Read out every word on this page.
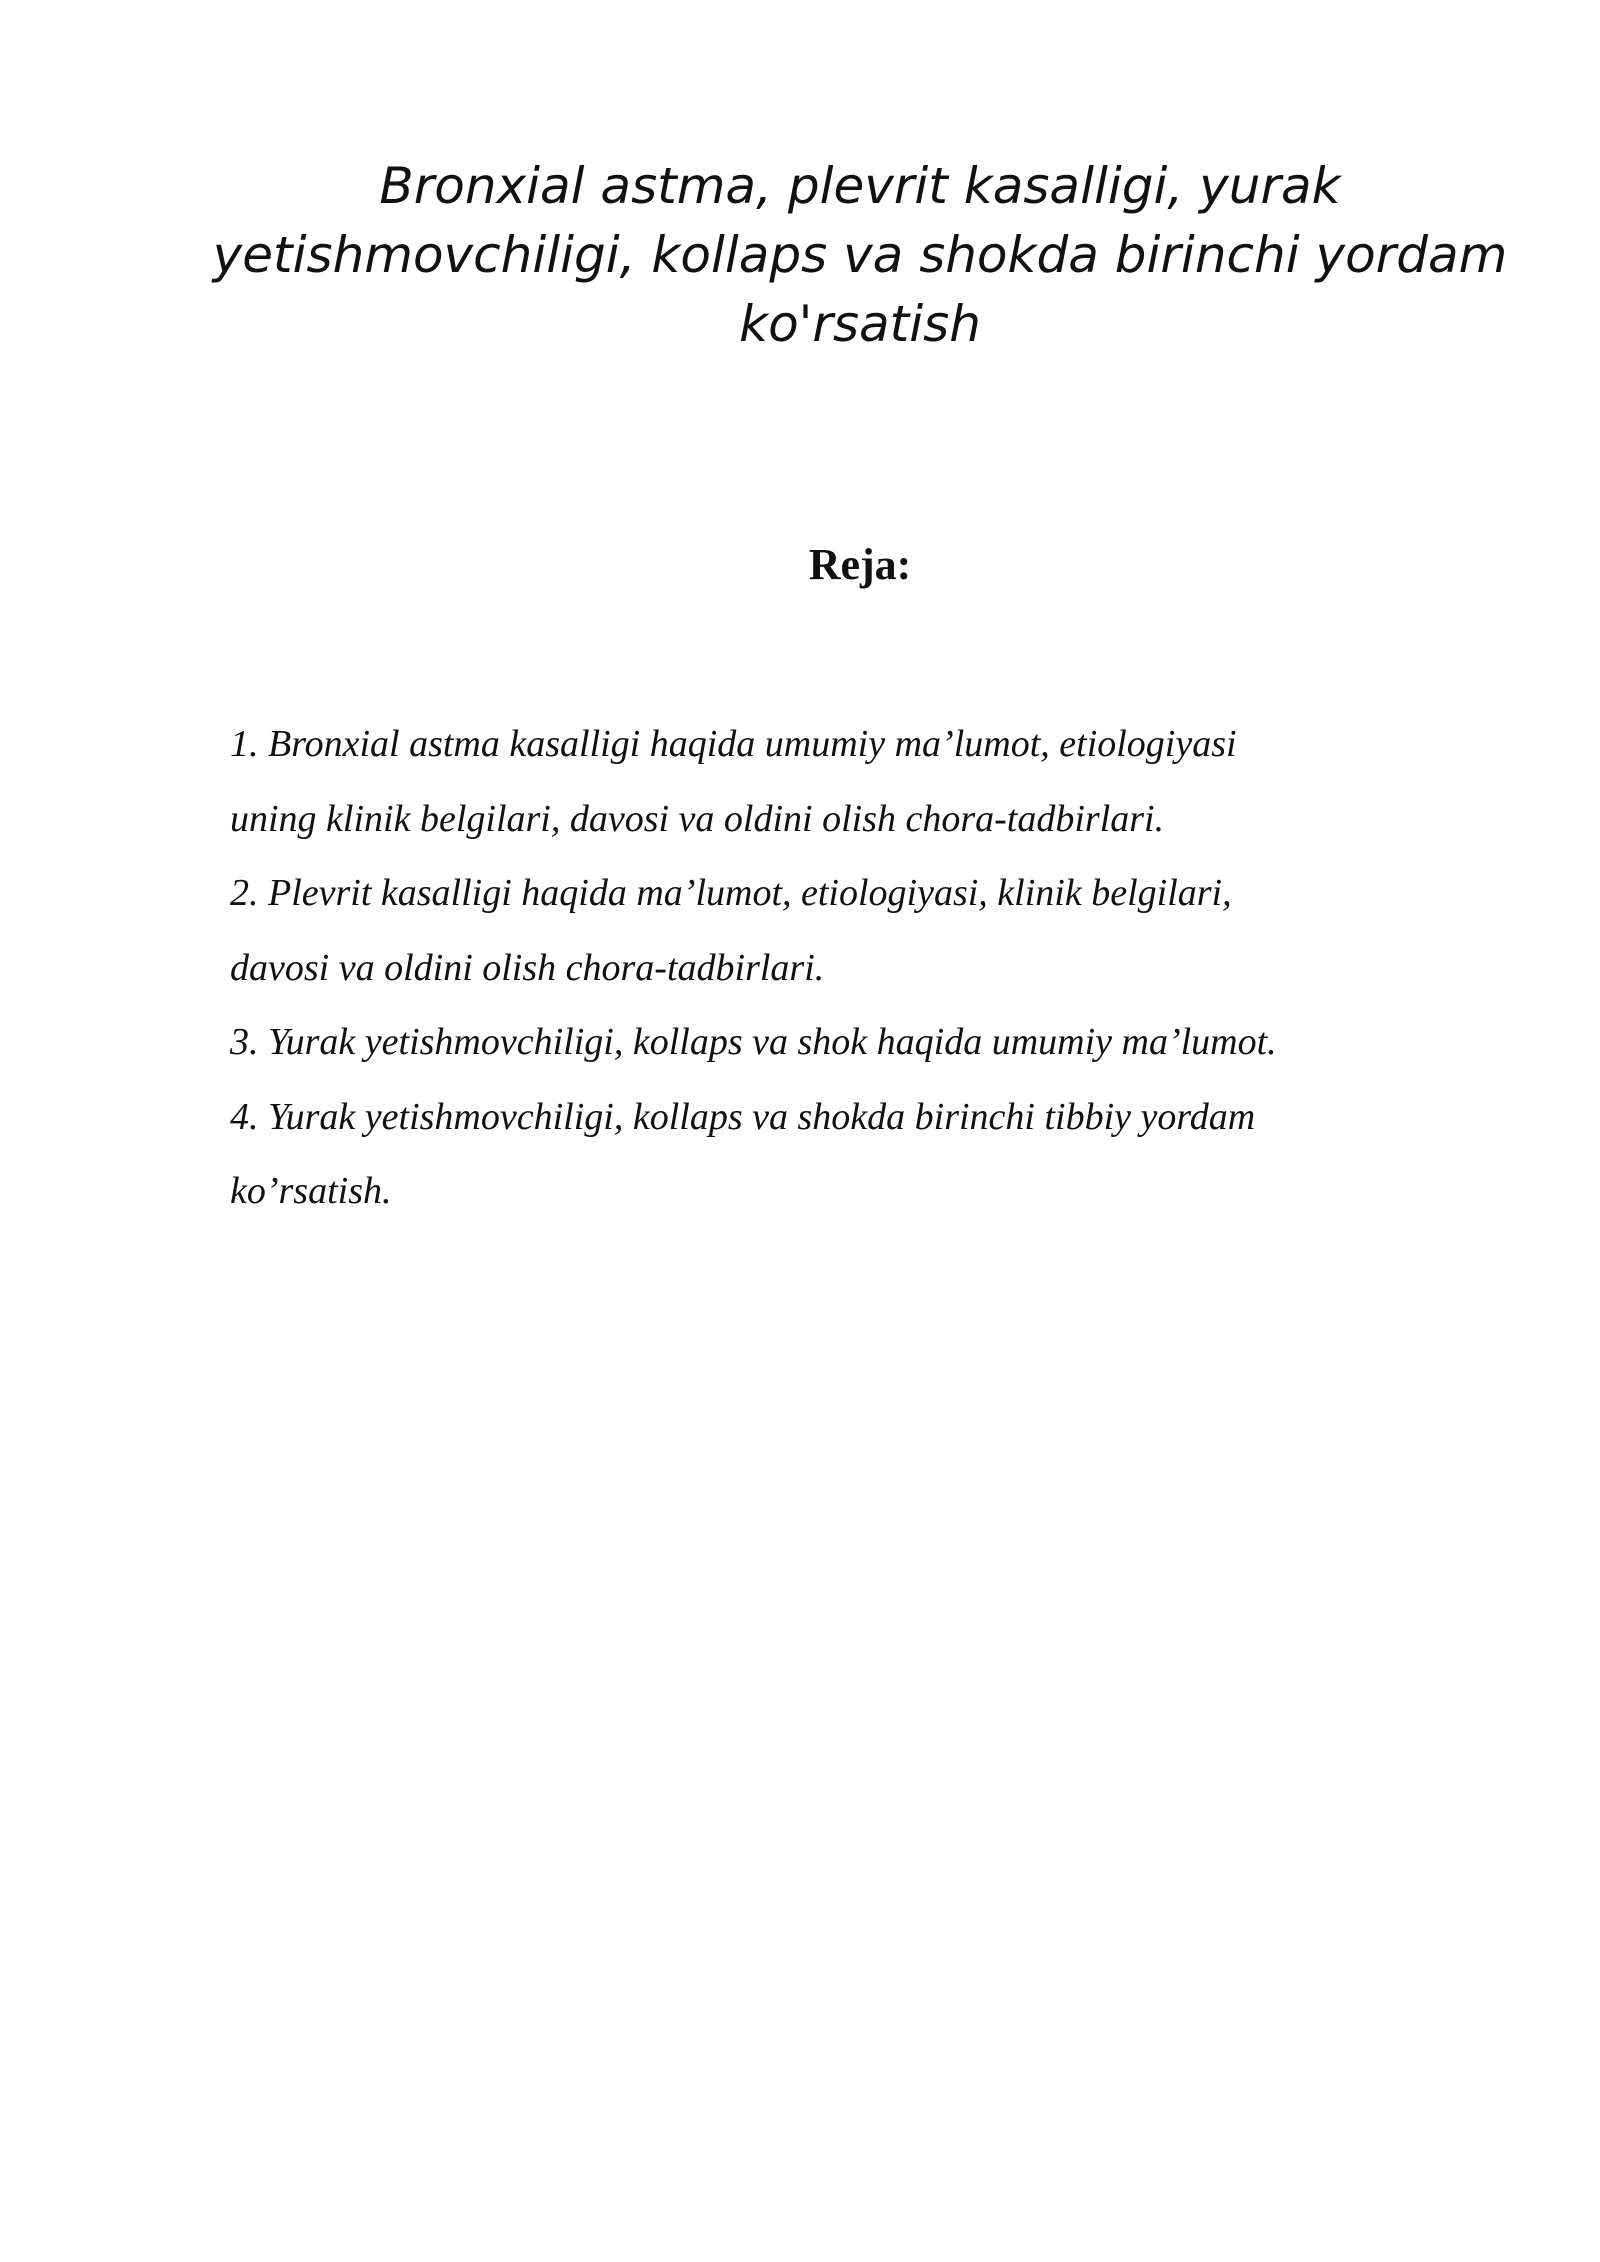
Bronxial astma, plevrit kasalligi, yurak
yetishmovchiligi, kollaps va shokda birinchi yordam
ko'rsatish
Reja:

1. Bronxial astma kasalligi haqida umumiy ma’lumot, etiologiyasi

uning klinik belgilari, davosi va oldini olish chora-tadbirlari.

2. Plevrit kasalligi haqida ma’lumot, etiologiyasi, klinik belgilari,

davosi va oldini olish chora-tadbirlari.

3. Yurak yetishmovchiligi, kollaps va shok haqida umumiy ma’lumot.

4. Yurak yetishmovchiligi, kollaps va shokda birinchi tibbiy yordam

ko’rsatish.
